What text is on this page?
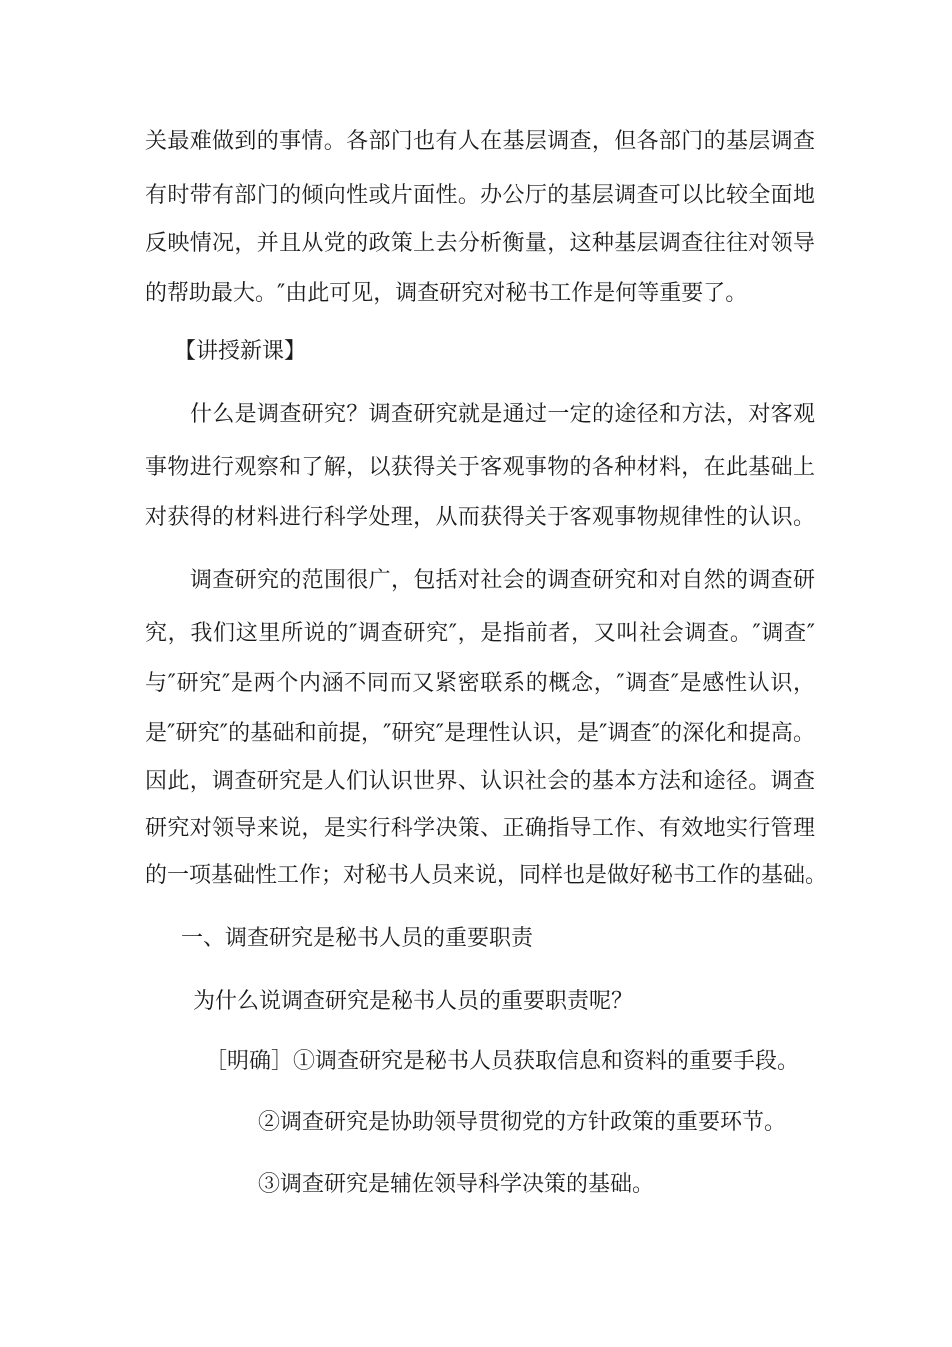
关最难做到的事情。各部门也有人在基层调查，但各部门的基层调查
有时带有部门的倾向性或片面性。办公厅的基层调查可以比较全面地
反映情况，并且从党的政策上去分析衡量，这种基层调查往往对领导
的帮助最大。″由此可见，调查研究对秘书工作是何等重要了。
【讲授新课】
什么是调查研究？调查研究就是通过一定的途径和方法，对客观
事物进行观察和了解，以获得关于客观事物的各种材料，在此基础上
对获得的材料进行科学处理，从而获得关于客观事物规律性的认识。
调查研究的范围很广，包括对社会的调查研究和对自然的调查研
究，我们这里所说的″调查研究″，是指前者，又叫社会调查。″调查″
与″研究″是两个内涵不同而又紧密联系的概念，″调查″是感性认识，
是″研究″的基础和前提，″研究″是理性认识，是″调查″的深化和提高。
因此，调查研究是人们认识世界、认识社会的基本方法和途径。调查
研究对领导来说，是实行科学决策、正确指导工作、有效地实行管理
的一项基础性工作；对秘书人员来说，同样也是做好秘书工作的基础。
一、调查研究是秘书人员的重要职责
为什么说调查研究是秘书人员的重要职责呢？
［明确］①调查研究是秘书人员获取信息和资料的重要手段。
②调查研究是协助领导贯彻党的方针政策的重要环节。
③调查研究是辅佐领导科学决策的基础。
